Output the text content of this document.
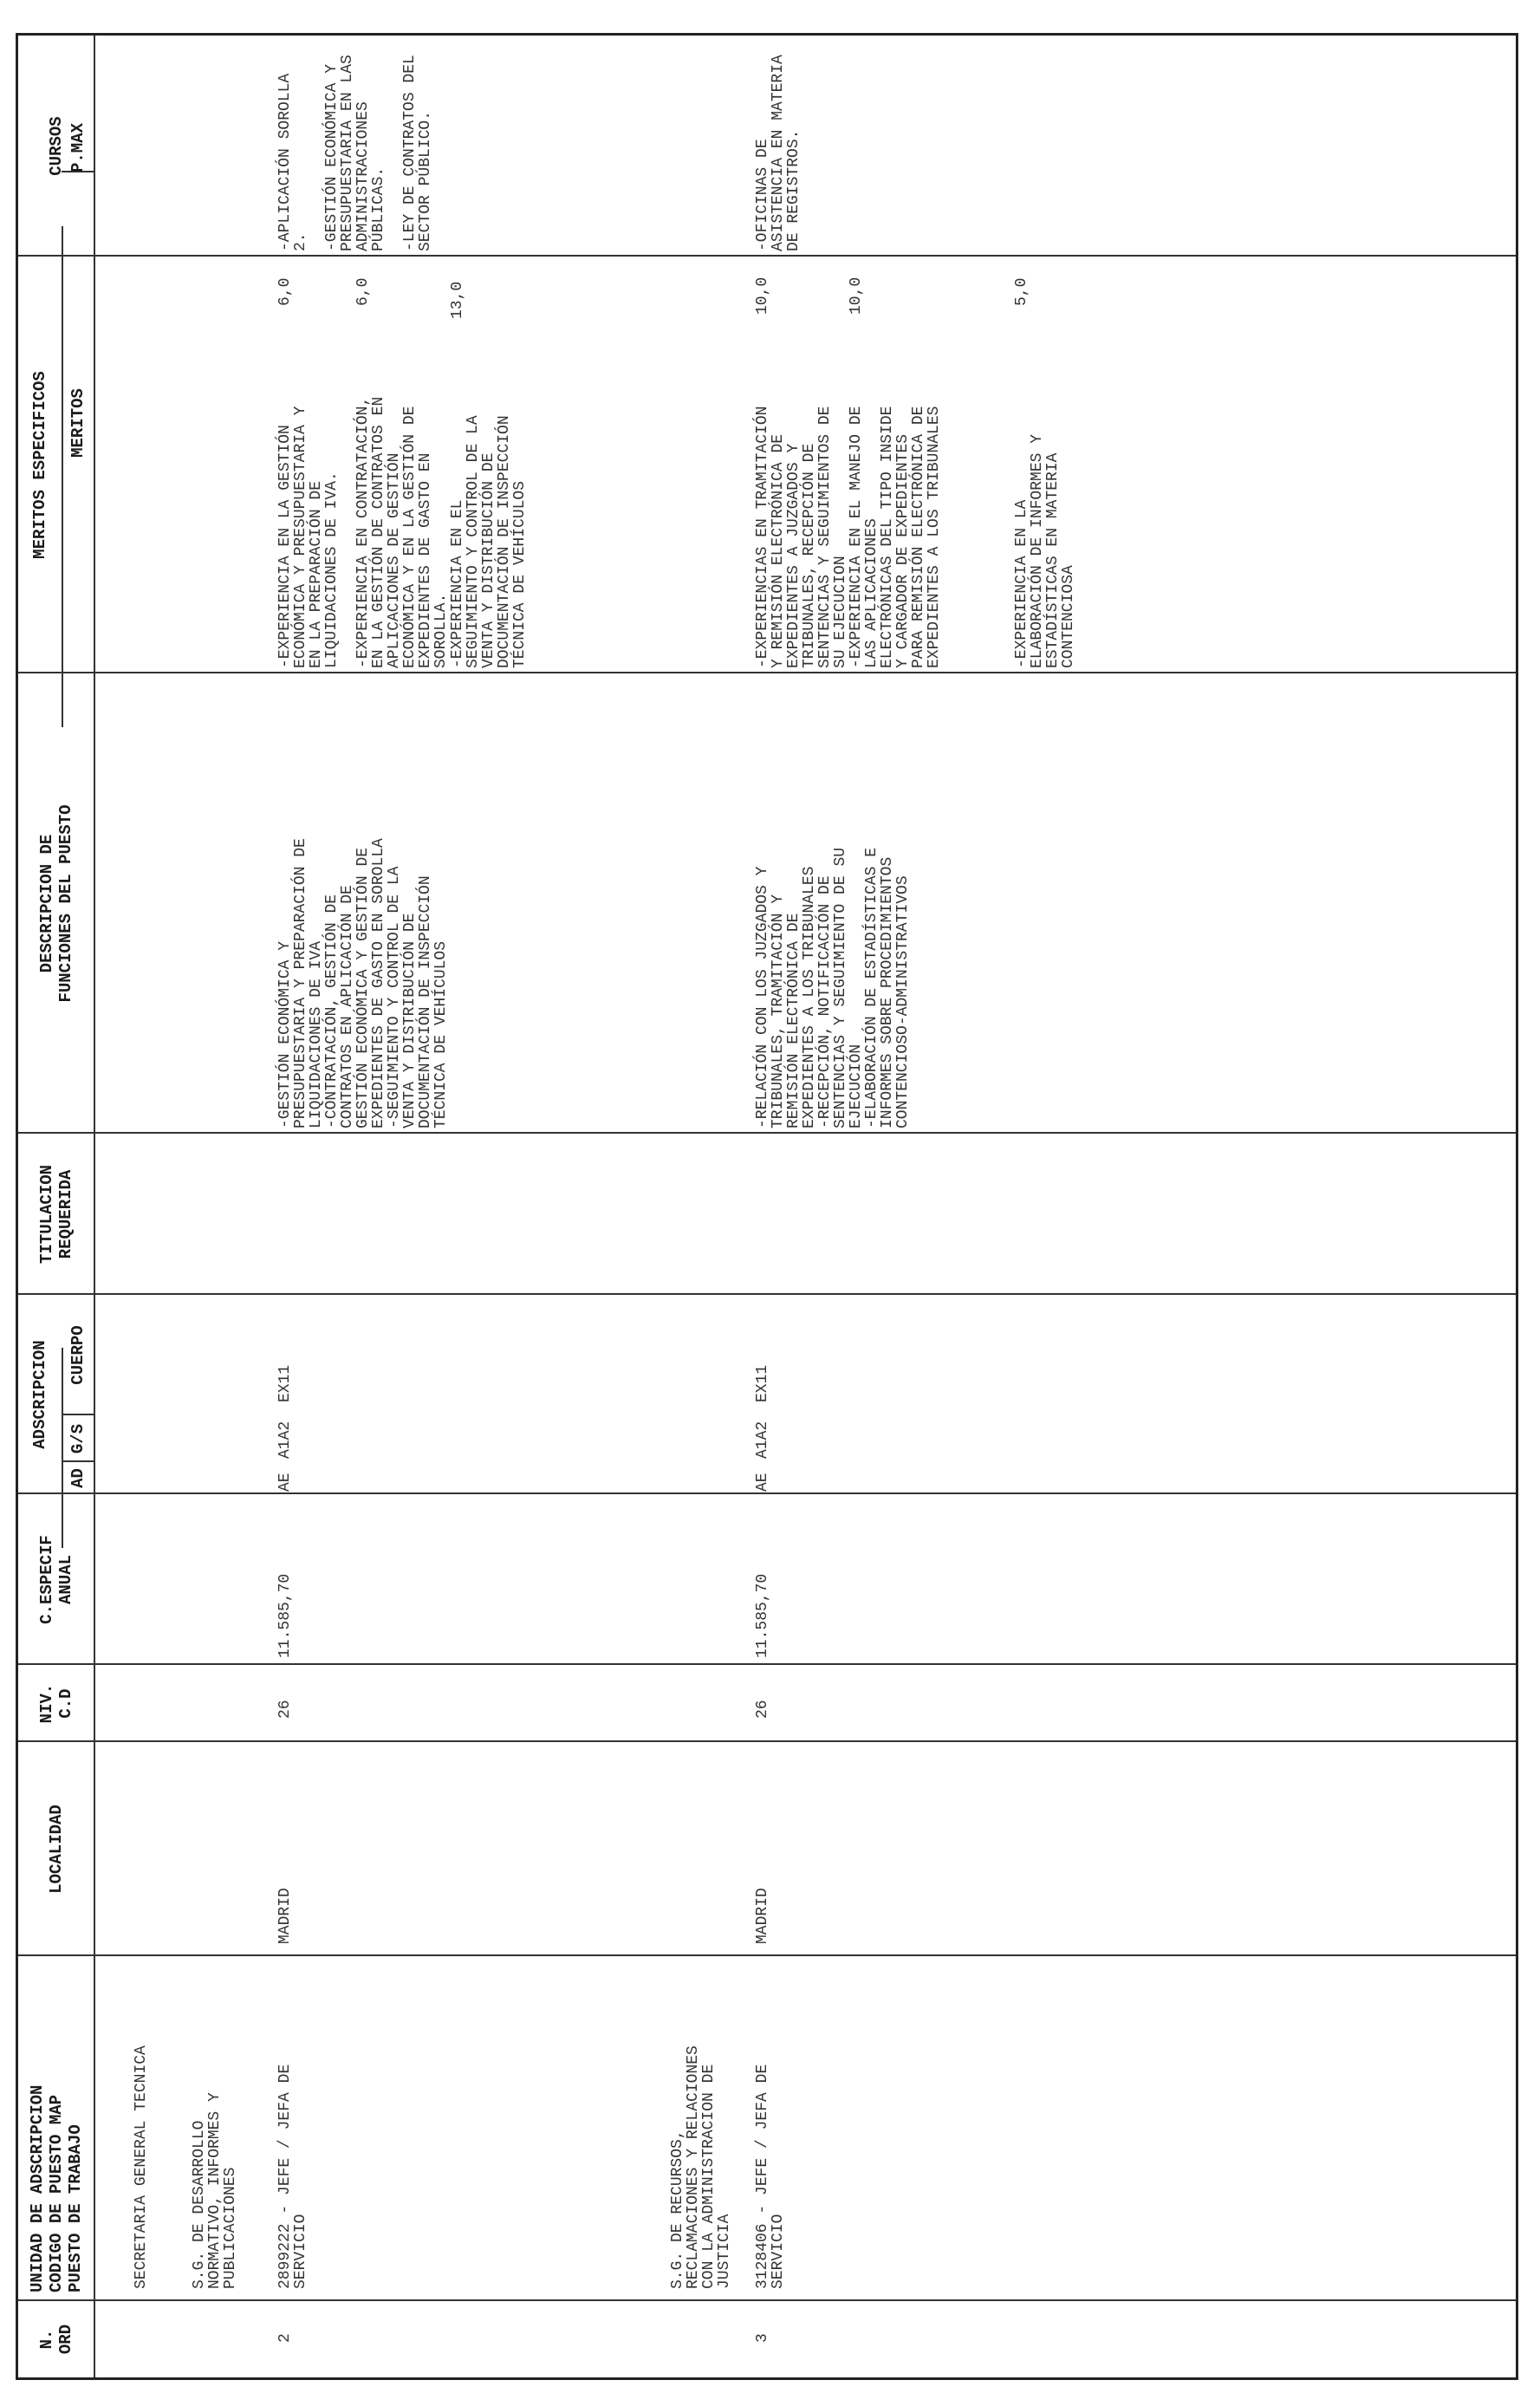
N.
ORD
UNIDAD DE ADSCRIPCION
CODIGO DE PUESTO MAP
PUESTO DE TRABAJO
LOCALIDAD
NIV.
C.D
C.ESPECIF
ANUAL
ADSCRIPCION
AD
G/S
CUERPO
TITULACION
REQUERIDA
DESCRIPCION DE
FUNCIONES DEL PUESTO
MERITOS ESPECIFICOS	MERITOS
P.MAX
CURSOS
SECRETARIA GENERAL TECNICA	S.G. DE DESARROLLO
NORMATIVO, INFORMES Y
PUBLICACIONES
2
2899222 - JEFE / JEFA DE
SERVICIO
MADRID
26
11.585,70
AE
A1A2
EX11
-GESTIÓN ECONÓMICA Y
PRESUPUESTARIA Y PREPARACIÓN DE
LIQUIDACIONES DE IVA
-CONTRATACIÓN, GESTIÓN DE
CONTRATOS EN APLICACIÓN DE
GESTIÓN ECONÓMICA Y GESTIÓN DE
EXPEDIENTES DE GASTO EN SOROLLA
-SEGUIMIENTO Y CONTROL DE LA
VENTA Y DISTRIBUCIÓN DE
DOCUMENTACIÓN DE INSPECCIÓN
TÉCNICA DE VEHÍCULOS
-EXPERIENCIA EN LA GESTIÓN
ECONÓMICA Y PRESUPUESTARIA Y
EN LA PREPARACIÓN DE
LIQUIDACIONES DE IVA.
6,0
-EXPERIENCIA EN CONTRATACIÓN,
EN LA GESTIÓN DE CONTRATOS EN
APLICACIONES DE GESTIÓN
ECONÓMICA Y EN LA GESTIÓN DE
EXPEDIENTES DE GASTO EN
SOROLLA.
6,0
-EXPERIENCIA EN EL
SEGUIMIENTO Y CONTROL DE LA
VENTA Y DISTRIBUCIÓN DE
DOCUMENTACIÓN DE INSPECCIÓN
TÉCNICA DE VEHÍCULOS
13,0
-APLICACIÓN SOROLLA
2.

-GESTIÓN ECONÓMICA Y
PRESUPUESTARIA EN LAS
ADMINISTRACIONES
PÚBLICAS.

-LEY DE CONTRATOS DEL
SECTOR PÚBLICO.
S.G. DE RECURSOS,
RECLAMACIONES Y RELACIONES
CON LA ADMINISTRACION DE
JUSTICIA
3
3128406 - JEFE / JEFA DE
SERVICIO
MADRID
26
11.585,70
AE
A1A2
EX11
-RELACIÓN CON LOS JUZGADOS Y
TRIBUNALES, TRAMITACIÓN Y
REMISIÓN ELECTRÓNICA DE
EXPEDIENTES A LOS TRIBUNALES
-RECEPCIÓN, NOTIFICACIÓN DE
SENTENCIAS Y SEGUIMIENTO DE SU
EJECUCIÓN
-ELABORACIÓN DE ESTADÍSTICAS E
INFORMES SOBRE PROCEDIMIENTOS
CONTENCIOSO-ADMINISTRATIVOS
-EXPERIENCIAS EN TRAMITACIÓN
Y REMISIÓN ELECTRÓNICA DE
EXPEDIENTES A JUZGADOS Y
TRIBUNALES, RECEPCIÓN DE
SENTENCIAS Y SEGUIMIENTOS DE
SU EJECUCION
10,0
-EXPERIENCIA EN EL MANEJO DE
LAS APLICACIONES
ELECTRÓNICAS DEL TIPO INSIDE
Y CARGADOR DE EXPEDIENTES
PARA REMISIÓN ELECTRÓNICA DE
EXPEDIENTES A LOS TRIBUNALES
10,0
-EXPERIENCIA EN LA
ELABORACIÓN DE INFORMES Y
ESTADÍSTICAS EN MATERIA
CONTENCIOSA
5,0
-OFICINAS DE
ASISTENCIA EN MATERIA
DE REGISTROS.
